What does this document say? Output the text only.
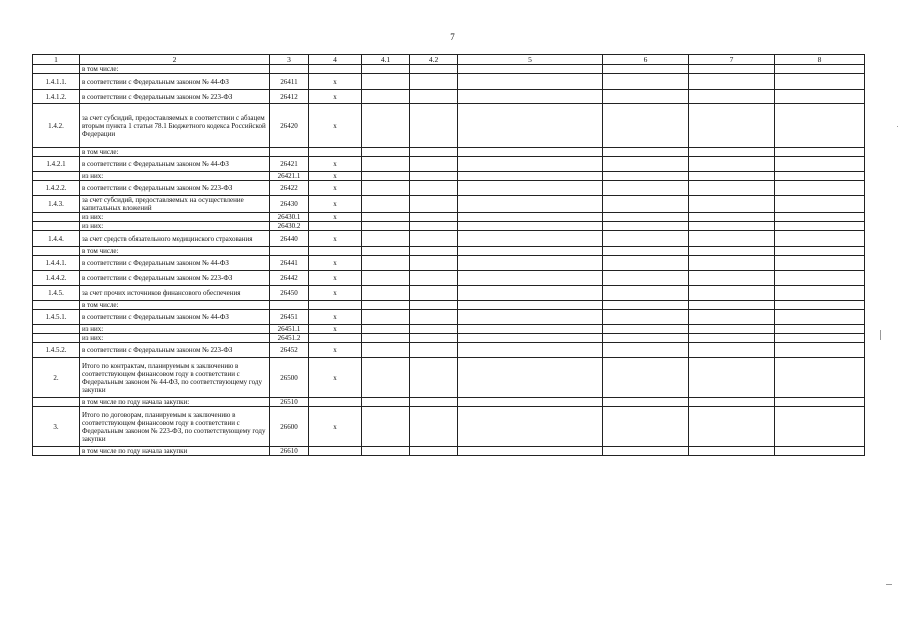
7
1	2	3	4	4.1	4.2	5	6	7	8
	в том числе:								
1.4.1.1.	в соответствии с Федеральным законом № 44-ФЗ	26411	x						
1.4.1.2.	в соответствии с Федеральным законом № 223-ФЗ	26412	x						
1.4.2.	за счет субсидий, предоставляемых в соответствии с абзацем вторым пункта 1 статьи 78.1 Бюджетного кодекса Российской Федерации	26420	x						
	в том числе:								
1.4.2.1	в соответствии с Федеральным законом № 44-ФЗ	26421	x						
	из них:	26421.1	x						
1.4.2.2.	в соответствии с Федеральным законом № 223-ФЗ	26422	x						
1.4.3.	за счет субсидий, предоставляемых на осуществление капитальных вложений	26430	x						
	из них:	26430.1	x						
	из них:	26430.2							
1.4.4.	за счет средств обязательного медицинского страхования	26440	x						
	в том числе:								
1.4.4.1.	в соответствии с Федеральным законом № 44-ФЗ	26441	x						
1.4.4.2.	в соответствии с Федеральным законом № 223-ФЗ	26442	x						
1.4.5.	за счет прочих источников финансового обеспечения	26450	x						
	в том числе:								
1.4.5.1.	в соответствии с Федеральным законом № 44-ФЗ	26451	x						
	из них:	26451.1	x						
	из них:	26451.2							
1.4.5.2.	в соответствии с Федеральным законом № 223-ФЗ	26452	x						
2.	Итого по контрактам, планируемым к заключению в соответствующем финансовом году в соответствии с Федеральным законом № 44-ФЗ, по соответствующему году закупки	26500	x						
	в том числе по году начала закупки:	26510							
3.	Итого по договорам, планируемым к заключению в соответствующем финансовом году в соответствии с Федеральным законом № 223-ФЗ, по соответствующему году закупки	26600	x						
	в том числе по году начала закупки	26610							
